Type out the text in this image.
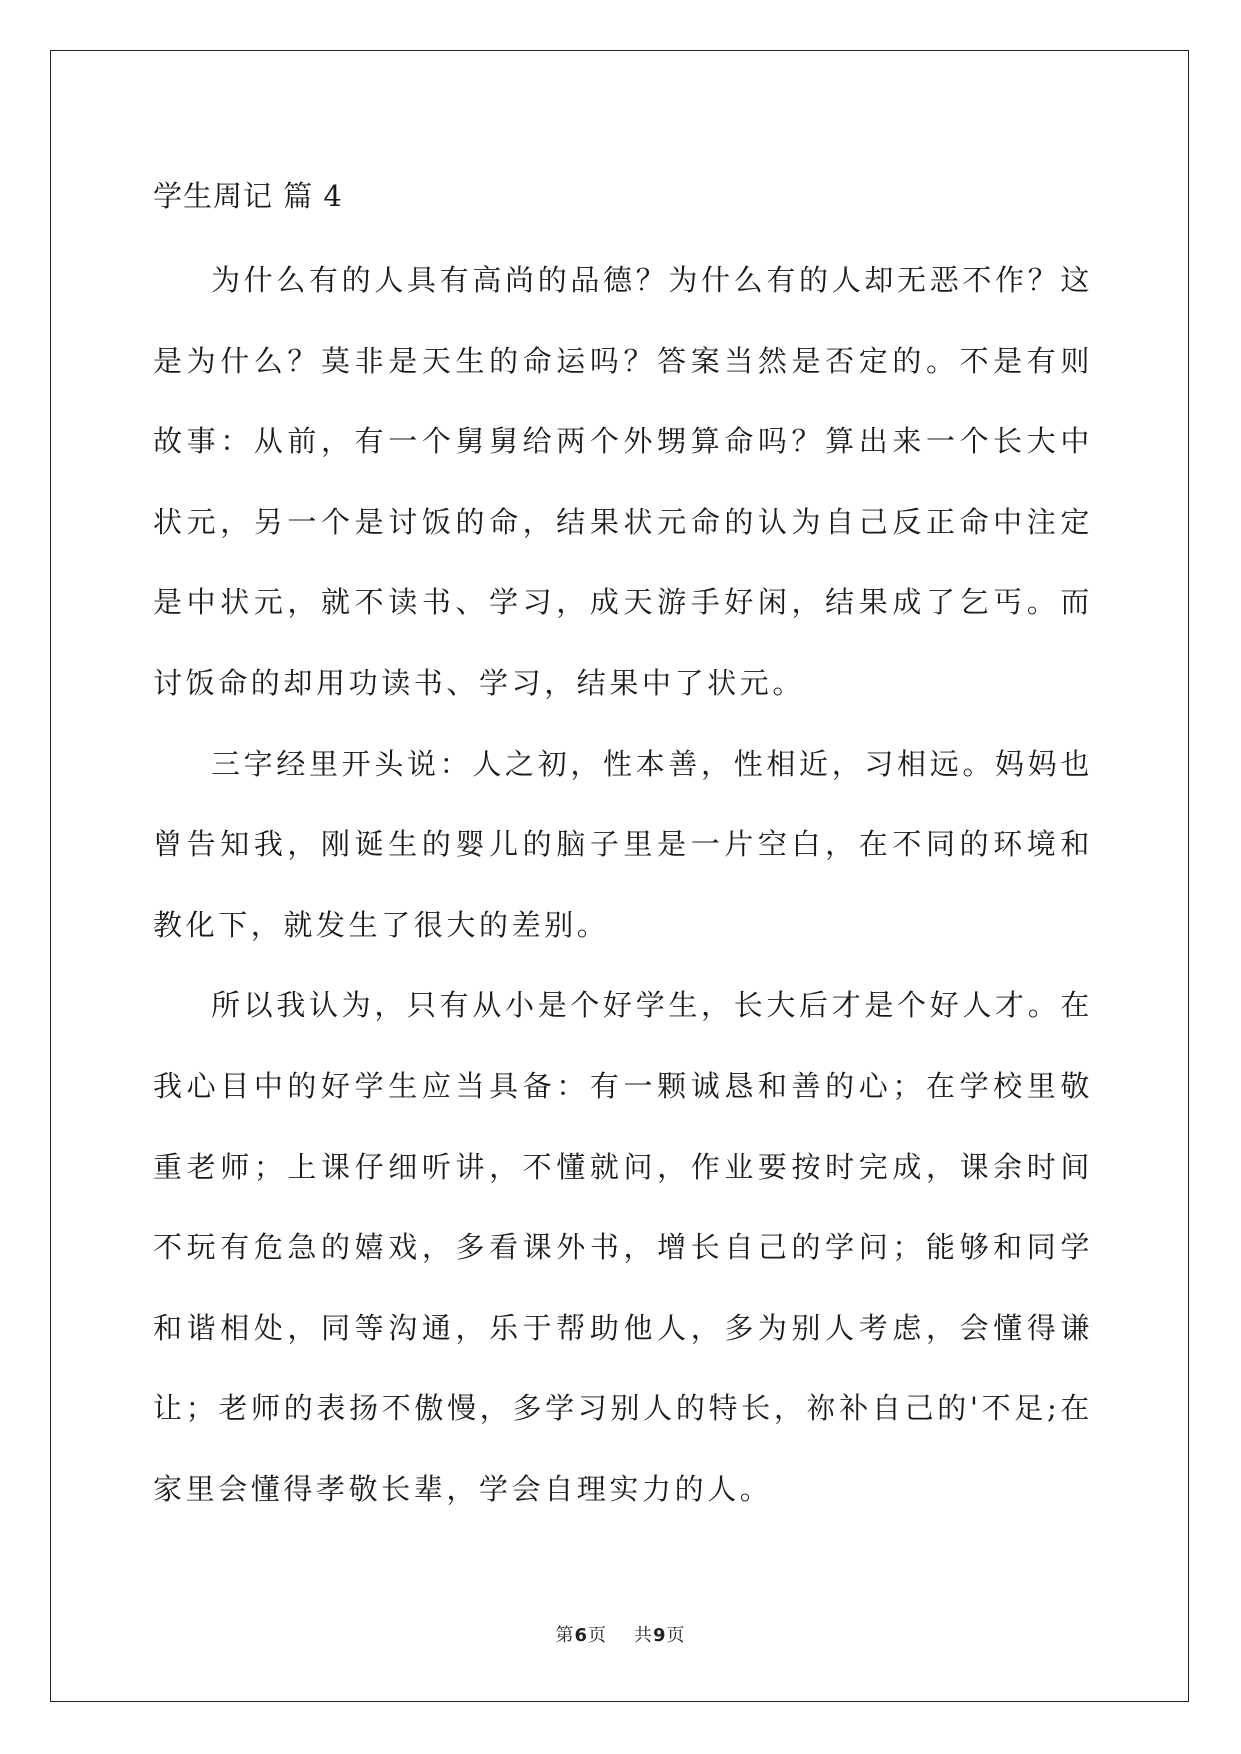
学生周记 篇 4

为什么有的人具有高尚的品德？为什么有的人却无恶不作？这是为什么？莫非是天生的命运吗？答案当然是否定的。不是有则故事：从前，有一个舅舅给两个外甥算命吗？算出来一个长大中状元，另一个是讨饭的命，结果状元命的认为自己反正命中注定是中状元，就不读书、学习，成天游手好闲，结果成了乞丐。而讨饭命的却用功读书、学习，结果中了状元。

三字经里开头说：人之初，性本善，性相近，习相远。妈妈也曾告知我，刚诞生的婴儿的脑子里是一片空白，在不同的环境和教化下，就发生了很大的差别。

所以我认为，只有从小是个好学生，长大后才是个好人才。在我心目中的好学生应当具备：有一颗诚恳和善的心；在学校里敬重老师；上课仔细听讲，不懂就问，作业要按时完成，课余时间不玩有危急的嬉戏，多看课外书，增长自己的学问；能够和同学和谐相处，同等沟通，乐于帮助他人，多为别人考虑，会懂得谦让；老师的表扬不傲慢，多学习别人的特长，祢补自己的'不足;在家里会懂得孝敬长辈，学会自理实力的人。

第6页    共9页
